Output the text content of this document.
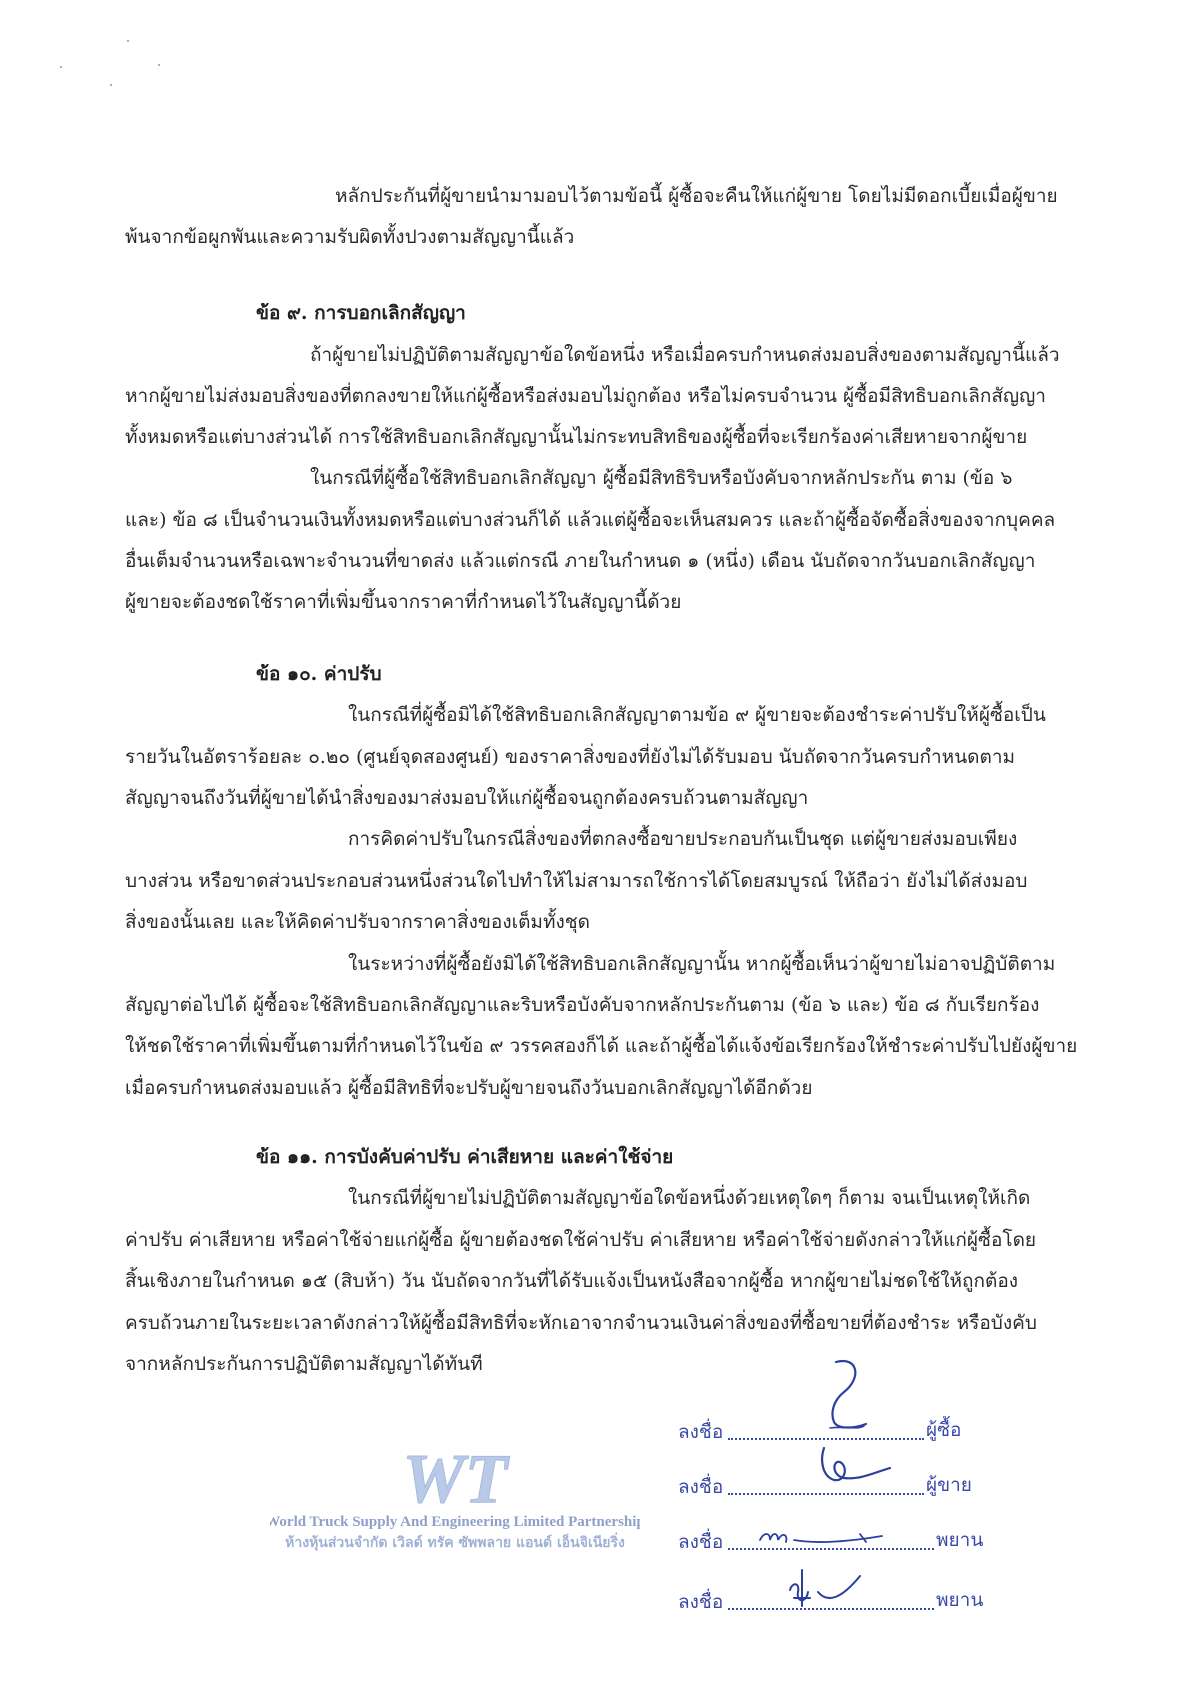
หลักประกันที่ผู้ขายนำมามอบไว้ตามข้อนี้ ผู้ซื้อจะคืนให้แก่ผู้ขาย โดยไม่มีดอกเบี้ยเมื่อผู้ขาย
พ้นจากข้อผูกพันและความรับผิดทั้งปวงตามสัญญานี้แล้ว
ข้อ ๙. การบอกเลิกสัญญา
ถ้าผู้ขายไม่ปฏิบัติตามสัญญาข้อใดข้อหนึ่ง หรือเมื่อครบกำหนดส่งมอบสิ่งของตามสัญญานี้แล้ว
หากผู้ขายไม่ส่งมอบสิ่งของที่ตกลงขายให้แก่ผู้ซื้อหรือส่งมอบไม่ถูกต้อง หรือไม่ครบจำนวน ผู้ซื้อมีสิทธิบอกเลิกสัญญา
ทั้งหมดหรือแต่บางส่วนได้ การใช้สิทธิบอกเลิกสัญญานั้นไม่กระทบสิทธิของผู้ซื้อที่จะเรียกร้องค่าเสียหายจากผู้ขาย
ในกรณีที่ผู้ซื้อใช้สิทธิบอกเลิกสัญญา ผู้ซื้อมีสิทธิริบหรือบังคับจากหลักประกัน ตาม (ข้อ ๖
และ) ข้อ ๘ เป็นจำนวนเงินทั้งหมดหรือแต่บางส่วนก็ได้ แล้วแต่ผู้ซื้อจะเห็นสมควร และถ้าผู้ซื้อจัดซื้อสิ่งของจากบุคคล
อื่นเต็มจำนวนหรือเฉพาะจำนวนที่ขาดส่ง แล้วแต่กรณี ภายในกำหนด ๑ (หนึ่ง) เดือน นับถัดจากวันบอกเลิกสัญญา
ผู้ขายจะต้องชดใช้ราคาที่เพิ่มขึ้นจากราคาที่กำหนดไว้ในสัญญานี้ด้วย
ข้อ ๑๐. ค่าปรับ
ในกรณีที่ผู้ซื้อมิได้ใช้สิทธิบอกเลิกสัญญาตามข้อ ๙ ผู้ขายจะต้องชำระค่าปรับให้ผู้ซื้อเป็น
รายวันในอัตราร้อยละ ๐.๒๐ (ศูนย์จุดสองศูนย์) ของราคาสิ่งของที่ยังไม่ได้รับมอบ นับถัดจากวันครบกำหนดตาม
สัญญาจนถึงวันที่ผู้ขายได้นำสิ่งของมาส่งมอบให้แก่ผู้ซื้อจนถูกต้องครบถ้วนตามสัญญา
การคิดค่าปรับในกรณีสิ่งของที่ตกลงซื้อขายประกอบกันเป็นชุด แต่ผู้ขายส่งมอบเพียง
บางส่วน หรือขาดส่วนประกอบส่วนหนึ่งส่วนใดไปทำให้ไม่สามารถใช้การได้โดยสมบูรณ์ ให้ถือว่า ยังไม่ได้ส่งมอบ
สิ่งของนั้นเลย และให้คิดค่าปรับจากราคาสิ่งของเต็มทั้งชุด
ในระหว่างที่ผู้ซื้อยังมิได้ใช้สิทธิบอกเลิกสัญญานั้น หากผู้ซื้อเห็นว่าผู้ขายไม่อาจปฏิบัติตาม
สัญญาต่อไปได้ ผู้ซื้อจะใช้สิทธิบอกเลิกสัญญาและริบหรือบังคับจากหลักประกันตาม (ข้อ ๖ และ) ข้อ ๘ กับเรียกร้อง
ให้ชดใช้ราคาที่เพิ่มขึ้นตามที่กำหนดไว้ในข้อ ๙ วรรคสองก็ได้ และถ้าผู้ซื้อได้แจ้งข้อเรียกร้องให้ชำระค่าปรับไปยังผู้ขาย
เมื่อครบกำหนดส่งมอบแล้ว ผู้ซื้อมีสิทธิที่จะปรับผู้ขายจนถึงวันบอกเลิกสัญญาได้อีกด้วย
ข้อ ๑๑. การบังคับค่าปรับ ค่าเสียหาย และค่าใช้จ่าย
ในกรณีที่ผู้ขายไม่ปฏิบัติตามสัญญาข้อใดข้อหนึ่งด้วยเหตุใดๆ ก็ตาม จนเป็นเหตุให้เกิด
ค่าปรับ ค่าเสียหาย หรือค่าใช้จ่ายแก่ผู้ซื้อ ผู้ขายต้องชดใช้ค่าปรับ ค่าเสียหาย หรือค่าใช้จ่ายดังกล่าวให้แก่ผู้ซื้อโดย
สิ้นเชิงภายในกำหนด ๑๕ (สิบห้า) วัน นับถัดจากวันที่ได้รับแจ้งเป็นหนังสือจากผู้ซื้อ หากผู้ขายไม่ชดใช้ให้ถูกต้อง
ครบถ้วนภายในระยะเวลาดังกล่าวให้ผู้ซื้อมีสิทธิที่จะหักเอาจากจำนวนเงินค่าสิ่งของที่ซื้อขายที่ต้องชำระ หรือบังคับ
จากหลักประกันการปฏิบัติตามสัญญาได้ทันที
WT
World Truck Supply And Engineering Limited Partnership
ห้างหุ้นส่วนจำกัด เวิลด์ ทรัค ซัพพลาย แอนด์ เอ็นจิเนียริ่ง
ลงชื่อ	ผู้ซื้อ
ลงชื่อ	ผู้ขาย
ลงชื่อ	พยาน
ลงชื่อ	พยาน
